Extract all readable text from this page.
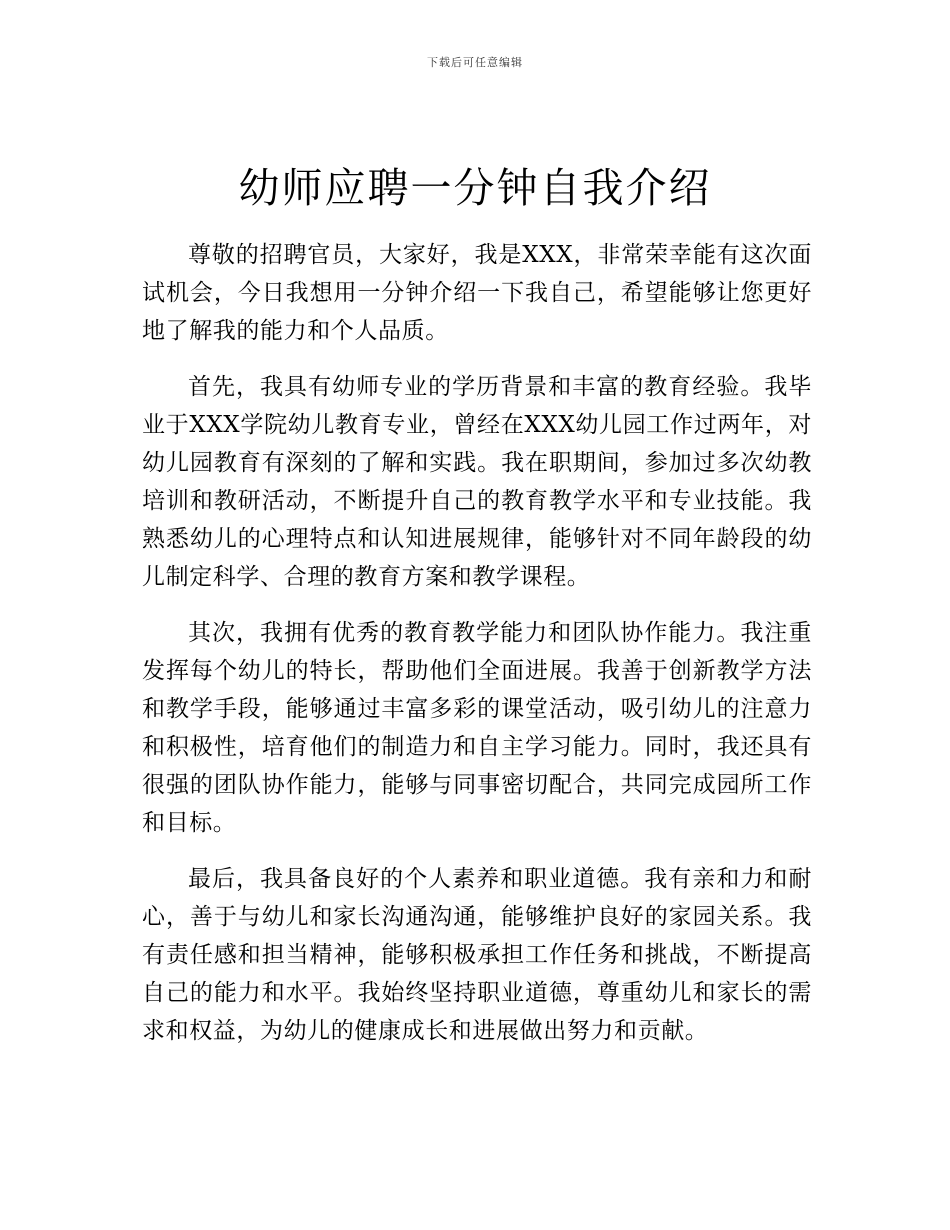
下载后可任意编辑
幼师应聘一分钟自我介绍

尊敬的招聘官员，大家好，我是XXX，非常荣幸能有这次面试机会，今日我想用一分钟介绍一下我自己，希望能够让您更好地了解我的能力和个人品质。

首先，我具有幼师专业的学历背景和丰富的教育经验。我毕业于XXX学院幼儿教育专业，曾经在XXX幼儿园工作过两年，对幼儿园教育有深刻的了解和实践。我在职期间，参加过多次幼教培训和教研活动，不断提升自己的教育教学水平和专业技能。我熟悉幼儿的心理特点和认知进展规律，能够针对不同年龄段的幼儿制定科学、合理的教育方案和教学课程。

其次，我拥有优秀的教育教学能力和团队协作能力。我注重发挥每个幼儿的特长，帮助他们全面进展。我善于创新教学方法和教学手段，能够通过丰富多彩的课堂活动，吸引幼儿的注意力和积极性，培育他们的制造力和自主学习能力。同时，我还具有很强的团队协作能力，能够与同事密切配合，共同完成园所工作和目标。

最后，我具备良好的个人素养和职业道德。我有亲和力和耐心，善于与幼儿和家长沟通沟通，能够维护良好的家园关系。我有责任感和担当精神，能够积极承担工作任务和挑战，不断提高自己的能力和水平。我始终坚持职业道德，尊重幼儿和家长的需求和权益，为幼儿的健康成长和进展做出努力和贡献。
